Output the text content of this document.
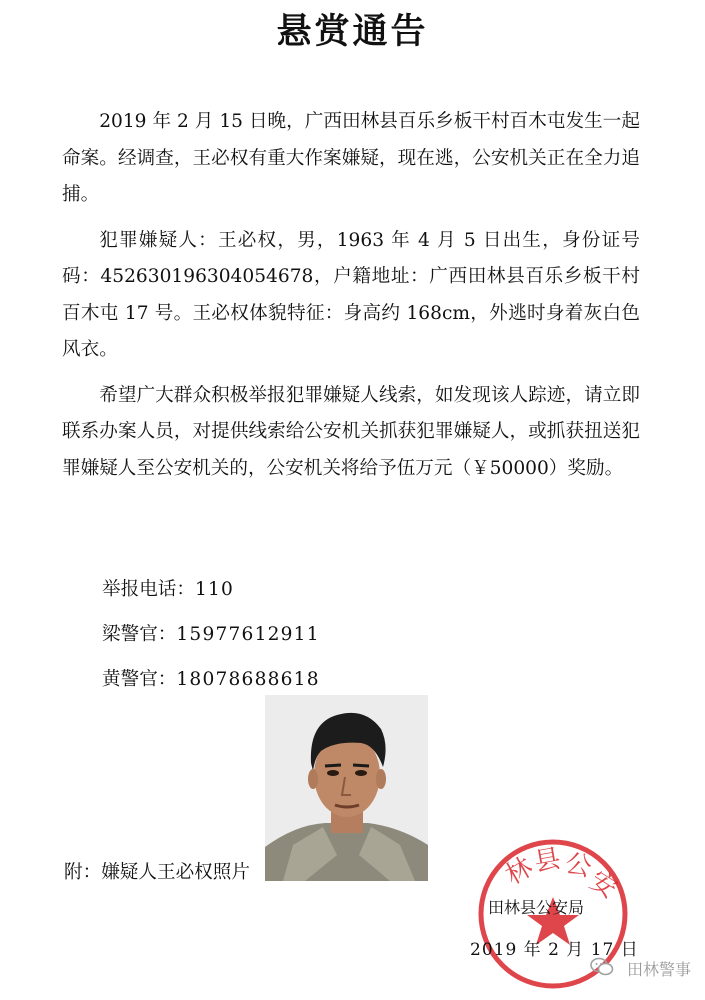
悬赏通告

2019 年 2 月 15 日晚，广西田林县百乐乡板干村百木屯发生一起命案。经调查，王必权有重大作案嫌疑，现在逃，公安机关正在全力追捕。

犯罪嫌疑人：王必权，男，1963 年 4 月 5 日出生，身份证号码：452630196304054678，户籍地址：广西田林县百乐乡板干村百木屯 17 号。王必权体貌特征：身高约 168cm，外逃时身着灰白色风衣。

希望广大群众积极举报犯罪嫌疑人线索，如发现该人踪迹，请立即联系办案人员，对提供线索给公安机关抓获犯罪嫌疑人，或抓获扭送犯罪嫌疑人至公安机关的，公安机关将给予伍万元（￥50000）奖励。

举报电话：110
梁警官：15977612911
黄警官：18078688618
附：嫌疑人王必权照片	林
县 公
安
田林县公安局
2019 年 2 月 17 日
田林警事
